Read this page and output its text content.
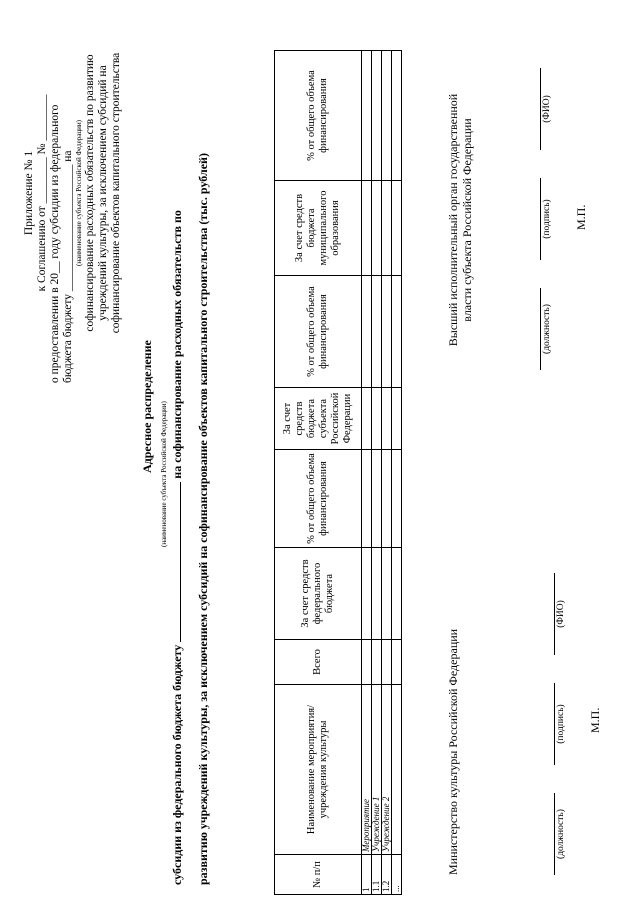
Приложение № 1 к Соглашению от ________ № ________ о предоставлении в 20__ году субсидии из федерального бюджета бюджету ______________________ на (наименование субъекта Российской Федерации) софинансирование расходных обязательств по развитию учреждений культуры, за исключением субсидий на софинансирование объектов капитального строительства
Адресное распределение
субсидии из федерального бюджета бюджету  на софинансирование расходных обязательств по
(наименование субъекта Российской Федерации) развитию учреждений культуры, за исключением субсидий на софинансирование объектов капитального строительства (тыс. рублей)	№ п/п	Наименование мероприятия/учреждения культуры	Всего	За счет средств федерального бюджета	% от общего объема финансирования	За счет средств бюджета субъекта Российской Федерации	% от общего объема финансирования	За счет средств бюджета муниципального образования	% от общего объема финансирования
1	Мероприятие							
1.1	Учреждение 1							
1.2	Учреждение 2							
...								
Министерство культуры Российской Федерации	(должность)
(подпись)
(ФИО)
М.П.
Высший исполнительный орган государственной власти субъекта Российской Федерации
(должность)
(подпись)
(ФИО)
М.П.
